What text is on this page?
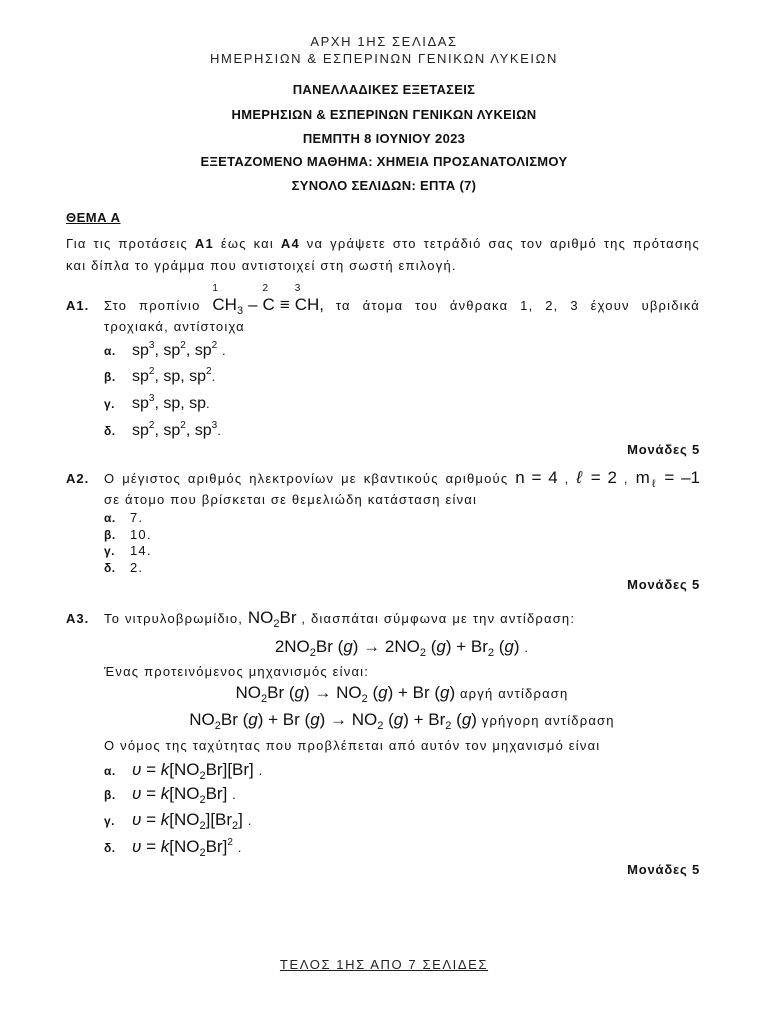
ΑΡΧΗ 1ΗΣ ΣΕΛΙΔΑΣ
ΗΜΕΡΗΣΙΩΝ & ΕΣΠΕΡΙΝΩΝ ΓΕΝΙΚΩΝ ΛΥΚΕΙΩΝ
ΠΑΝΕΛΛΑΔΙΚΕΣ ΕΞΕΤΑΣΕΙΣ
ΗΜΕΡΗΣΙΩΝ & ΕΣΠΕΡΙΝΩΝ ΓΕΝΙΚΩΝ ΛΥΚΕΙΩΝ
ΠΕΜΠΤΗ 8 ΙΟΥΝΙΟΥ 2023
ΕΞΕΤΑΖΟΜΕΝΟ ΜΑΘΗΜΑ: ΧΗΜΕΙΑ ΠΡΟΣΑΝΑΤΟΛΙΣΜΟΥ
ΣΥΝΟΛΟ ΣΕΛΙΔΩΝ: ΕΠΤΑ (7)
ΘΕΜΑ Α
Για τις προτάσεις Α1 έως και Α4 να γράψετε στο τετράδιό σας τον αριθμό της πρότασης
και δίπλα το γράμμα που αντιστοιχεί στη σωστή επιλογή.
Α1. Στο προπίνιο C
1
$H_3$ – C
2
≡ C
3
H, τα άτομα του άνθρακα 1, 2, 3 έχουν υβριδικά
τροχιακά, αντίστοιχα
α. $sp^3$, $sp^2$, $sp^2$ .
β. $sp^2$, sp, $sp^2$.
γ. $sp^3$, sp, sp.
δ. $sp^2$, $sp^2$, $sp^3$.
Μονάδες 5
Α2. Ο μέγιστος αριθμός ηλεκτρονίων με κβαντικούς αριθμούς n = 4 , ℓ = 2 , $m_\ell = -1$
σε άτομο που βρίσκεται σε θεμελιώδη κατάσταση είναι
α. 7.
β. 10.
γ. 14.
δ. 2.
Μονάδες 5
Α3. Το νιτρυλοβρωμίδιο, $NO_2Br$ , διασπάται σύμφωνα με την αντίδραση:
$2NO_2Br$ $(g) \to 2NO_2$ $(g) + Br_2$ (g) .
Ένας προτεινόμενος μηχανισμός είναι:
$NO_2Br$ $(g) \to NO_2$ (g) + Br (g) αργή αντίδραση
$NO_2Br$ (g) + Br $(g) \to NO_2$ $(g) + Br_2$ (g) γρήγορη αντίδραση
Ο νόμος της ταχύτητας που προβλέπεται από αυτόν τον μηχανισμό είναι
α. $\upsilon = k[NO_2Br][Br]$ .
β. $\upsilon = k[NO_2Br]$ .
γ. $\upsilon = k[NO_2][Br_2]$ .
δ. $\upsilon = k[NO_2Br]^2$ .
Μονάδες 5
ΤΕΛΟΣ 1ΗΣ ΑΠΟ 7 ΣΕΛΙΔΕΣ
